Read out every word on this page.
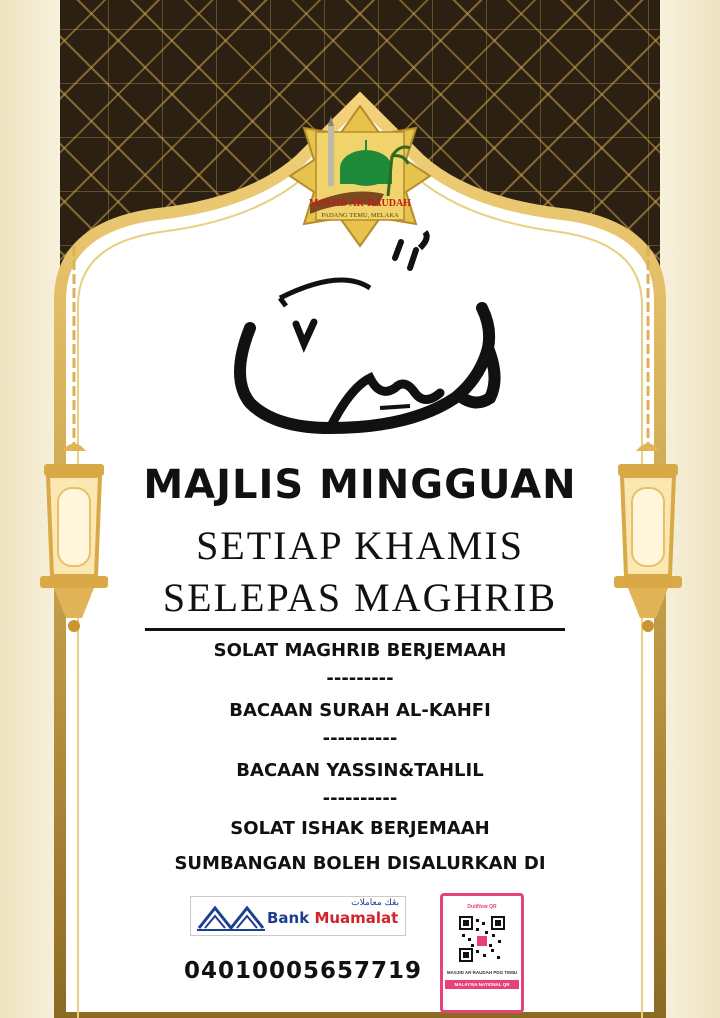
MASJID AR-RAUDAH
PADANG TEMU, MELAKA
MAJLIS MINGGUAN
SETIAP KHAMIS
SELEPAS MAGHRIB
SOLAT MAGHRIB BERJEMAAH
---------
BACAAN SURAH AL-KAHFI
----------
BACAAN YASSIN&TAHLIL
----------
SOLAT ISHAK BERJEMAAH
SUMBANGAN BOLEH DISALURKAN DI
بڠك معاملات
Bank Muamalat
04010005657719
DuitNow QR
MASJID AR RAUDAH PDG TEMU
MALAYSIA NATIONAL QR
